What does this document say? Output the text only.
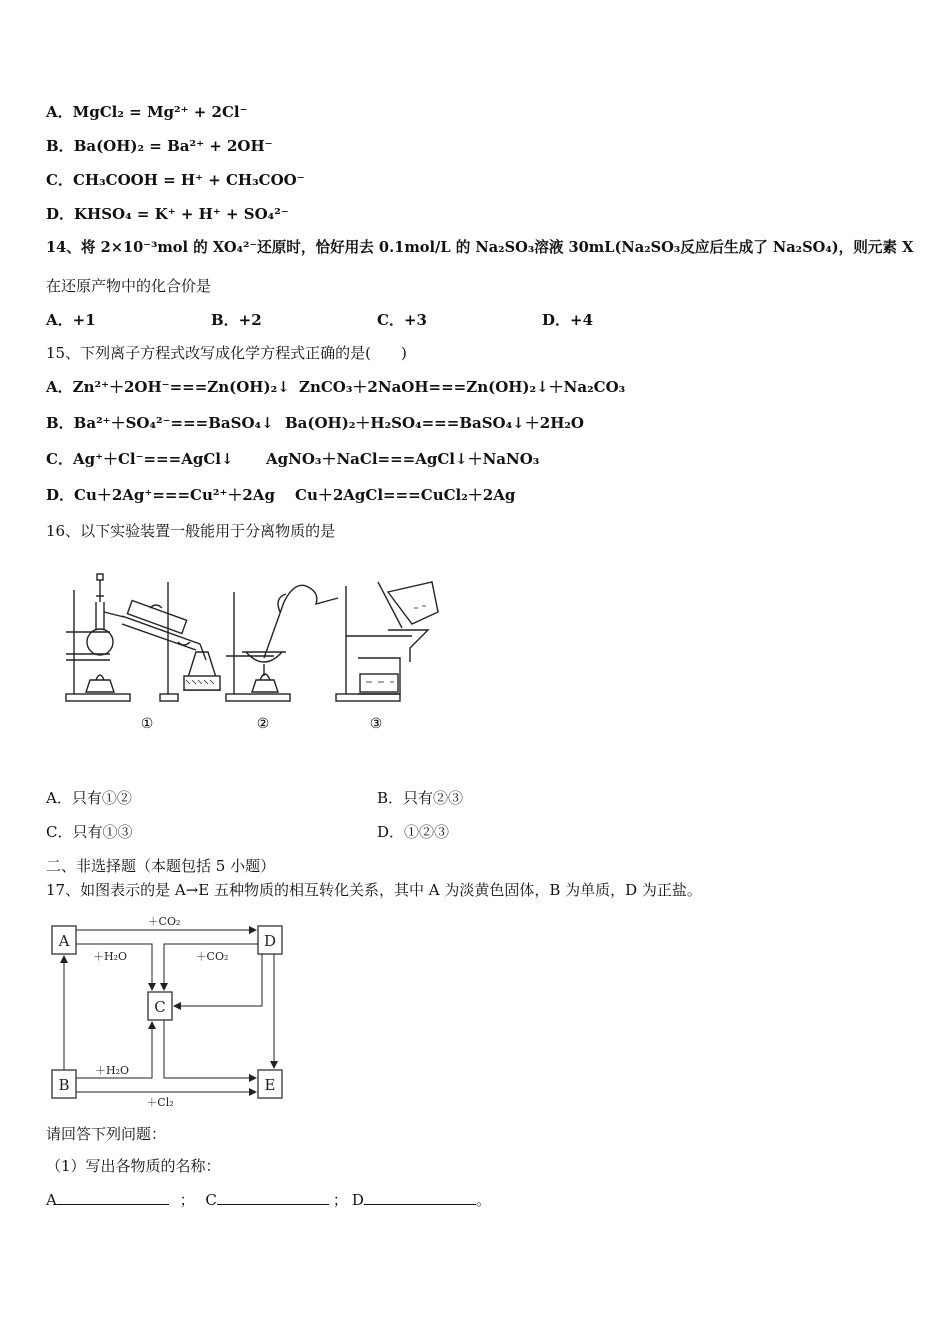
A．MgCl₂ = Mg²⁺ + 2Cl⁻
B．Ba(OH)₂ = Ba²⁺ + 2OH⁻
C．CH₃COOH = H⁺ + CH₃COO⁻
D．KHSO₄ = K⁺ + H⁺ + SO₄²⁻
14、将 2×10⁻³mol 的 XO₄²⁻还原时，恰好用去 0.1mol/L 的 Na₂SO₃溶液 30mL(Na₂SO₃反应后生成了 Na₂SO₄)，则元素 X
在还原产物中的化合价是
A．+1	B．+2	C．+3	D．+4
15、下列离子方程式改写成化学方程式正确的是(　　)
A．Zn²⁺＋2OH⁻===Zn(OH)₂↓ ZnCO₃＋2NaOH===Zn(OH)₂↓＋Na₂CO₃
B．Ba²⁺＋SO₄²⁻===BaSO₄↓ Ba(OH)₂＋H₂SO₄===BaSO₄↓＋2H₂O
C．Ag⁺＋Cl⁻===AgCl↓ AgNO₃＋NaCl===AgCl↓＋NaNO₃
D．Cu＋2Ag⁺===Cu²⁺＋2Ag Cu＋2AgCl===CuCl₂＋2Ag
16、以下实验装置一般能用于分离物质的是
①	②	③
A．只有①②	B．只有②③
C．只有①③	D．①②③
二、非选择题（本题包括 5 小题）
17、如图表示的是 A→E 五种物质的相互转化关系，其中 A 为淡黄色固体，B 为单质，D 为正盐。
A	D
C
B	E
＋CO₂
＋H₂O	＋CO₂
＋H₂O
＋Cl₂
请回答下列问题：
（1）写出各物质的名称：
A	； C	； D	。
